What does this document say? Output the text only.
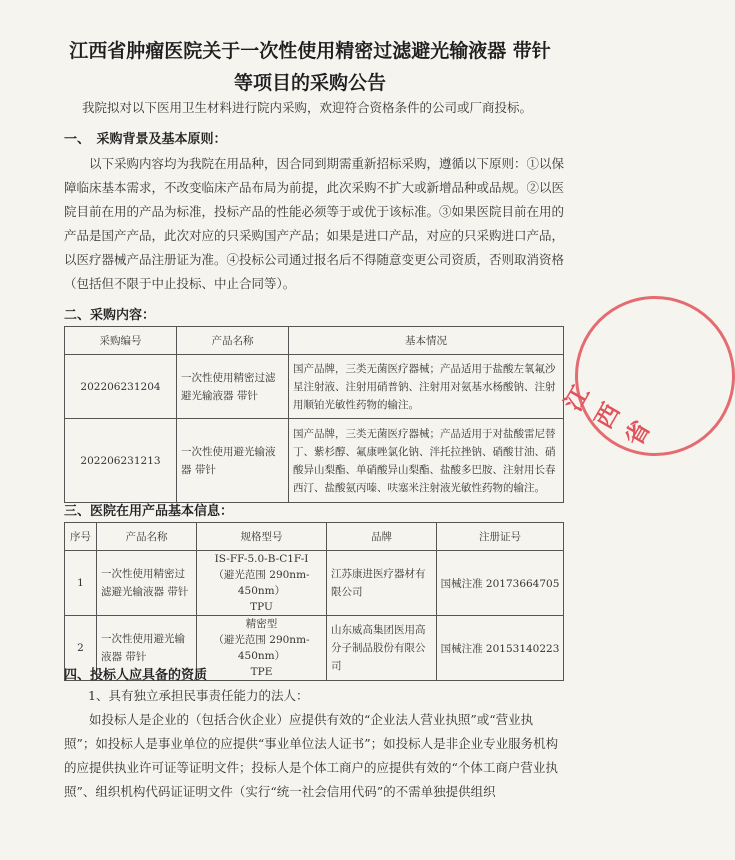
江西省肿瘤医院关于一次性使用精密过滤避光输液器 带针
等项目的采购公告
我院拟对以下医用卫生材料进行院内采购，欢迎符合资格条件的公司或厂商投标。
一、　采购背景及基本原则：
以下采购内容均为我院在用品种，因合同到期需重新招标采购，遵循以下原则：①以保障临床基本需求，不改变临床产品布局为前提，此次采购不扩大或新增品种或品规。②以医院目前在用的产品为标准，投标产品的性能必须等于或优于该标准。③如果医院目前在用的产品是国产产品，此次对应的只采购国产产品；如果是进口产品，对应的只采购进口产品，以医疗器械产品注册证为准。④投标公司通过报名后不得随意变更公司资质，否则取消资格（包括但不限于中止投标、中止合同等）。
二、采购内容：
采购编号	产品名称	基本情况
202206231204	一次性使用精密过滤避光输液器 带针	国产品牌，三类无菌医疗器械；产品适用于盐酸左氧氟沙星注射液、注射用硝普钠、注射用对氨基水杨酸钠、注射用顺铂光敏性药物的输注。
202206231213	一次性使用避光输液器 带针	国产品牌，三类无菌医疗器械；产品适用于对盐酸雷尼替丁、紫杉醇、氟康唑氯化钠、泮托拉挫钠、硝酸甘油、硝酸异山梨酯、单硝酸异山梨酯、盐酸多巴胺、注射用长春西汀、盐酸氨丙嗪、呋塞米注射液光敏性药物的输注。
三、医院在用产品基本信息：
序号	产品名称	规格型号	品牌	注册证号
1	一次性使用精密过滤避光输液器 带针	IS-FF-5.0-B-C1F-I
（避光范围 290nm-450nm）
TPU	江苏康进医疗器材有限公司	国械注准 20173664705
2	一次性使用避光输液器 带针	精密型
（避光范围 290nm-450nm）
TPE	山东威高集团医用高分子制品股份有限公司	国械注准 20153140223
四、投标人应具备的资质
1、具有独立承担民事责任能力的法人：
如投标人是企业的（包括合伙企业）应提供有效的“企业法人营业执照”或“营业执照”；如投标人是事业单位的应提供“事业单位法人证书”；如投标人是非企业专业服务机构的应提供执业许可证等证明文件；投标人是个体工商户的应提供有效的“个体工商户营业执照”、组织机构代码证证明文件（实行“统一社会信用代码”的不需单独提供组织
江西省
